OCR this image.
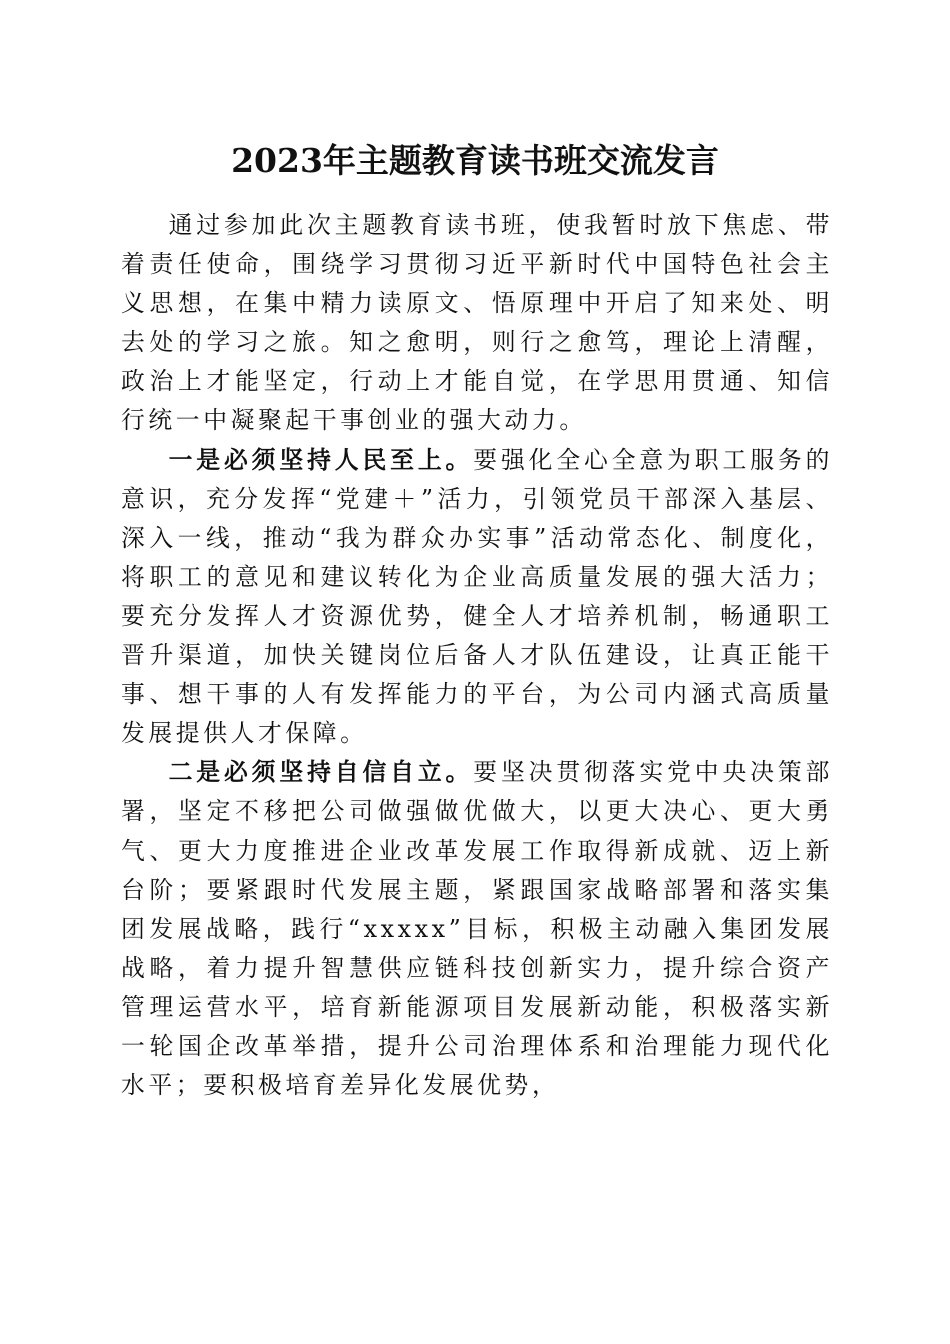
2023年主题教育读书班交流发言

通过参加此次主题教育读书班，使我暂时放下焦虑、带着责任使命，围绕学习贯彻习近平新时代中国特色社会主义思想，在集中精力读原文、悟原理中开启了知来处、明去处的学习之旅。知之愈明，则行之愈笃，理论上清醒，政治上才能坚定，行动上才能自觉，在学思用贯通、知信行统一中凝聚起干事创业的强大动力。

一是必须坚持人民至上。要强化全心全意为职工服务的意识，充分发挥“党建＋”活力，引领党员干部深入基层、深入一线，推动“我为群众办实事”活动常态化、制度化，将职工的意见和建议转化为企业高质量发展的强大活力；要充分发挥人才资源优势，健全人才培养机制，畅通职工晋升渠道，加快关键岗位后备人才队伍建设，让真正能干事、想干事的人有发挥能力的平台，为公司内涵式高质量发展提供人才保障。

二是必须坚持自信自立。要坚决贯彻落实党中央决策部署，坚定不移把公司做强做优做大，以更大决心、更大勇气、更大力度推进企业改革发展工作取得新成就、迈上新台阶；要紧跟时代发展主题，紧跟国家战略部署和落实集团发展战略，践行“xxxxx”目标，积极主动融入集团发展战略，着力提升智慧供应链科技创新实力，提升综合资产管理运营水平，培育新能源项目发展新动能，积极落实新一轮国企改革举措，提升公司治理体系和治理能力现代化水平；要积极培育差异化发展优势，
